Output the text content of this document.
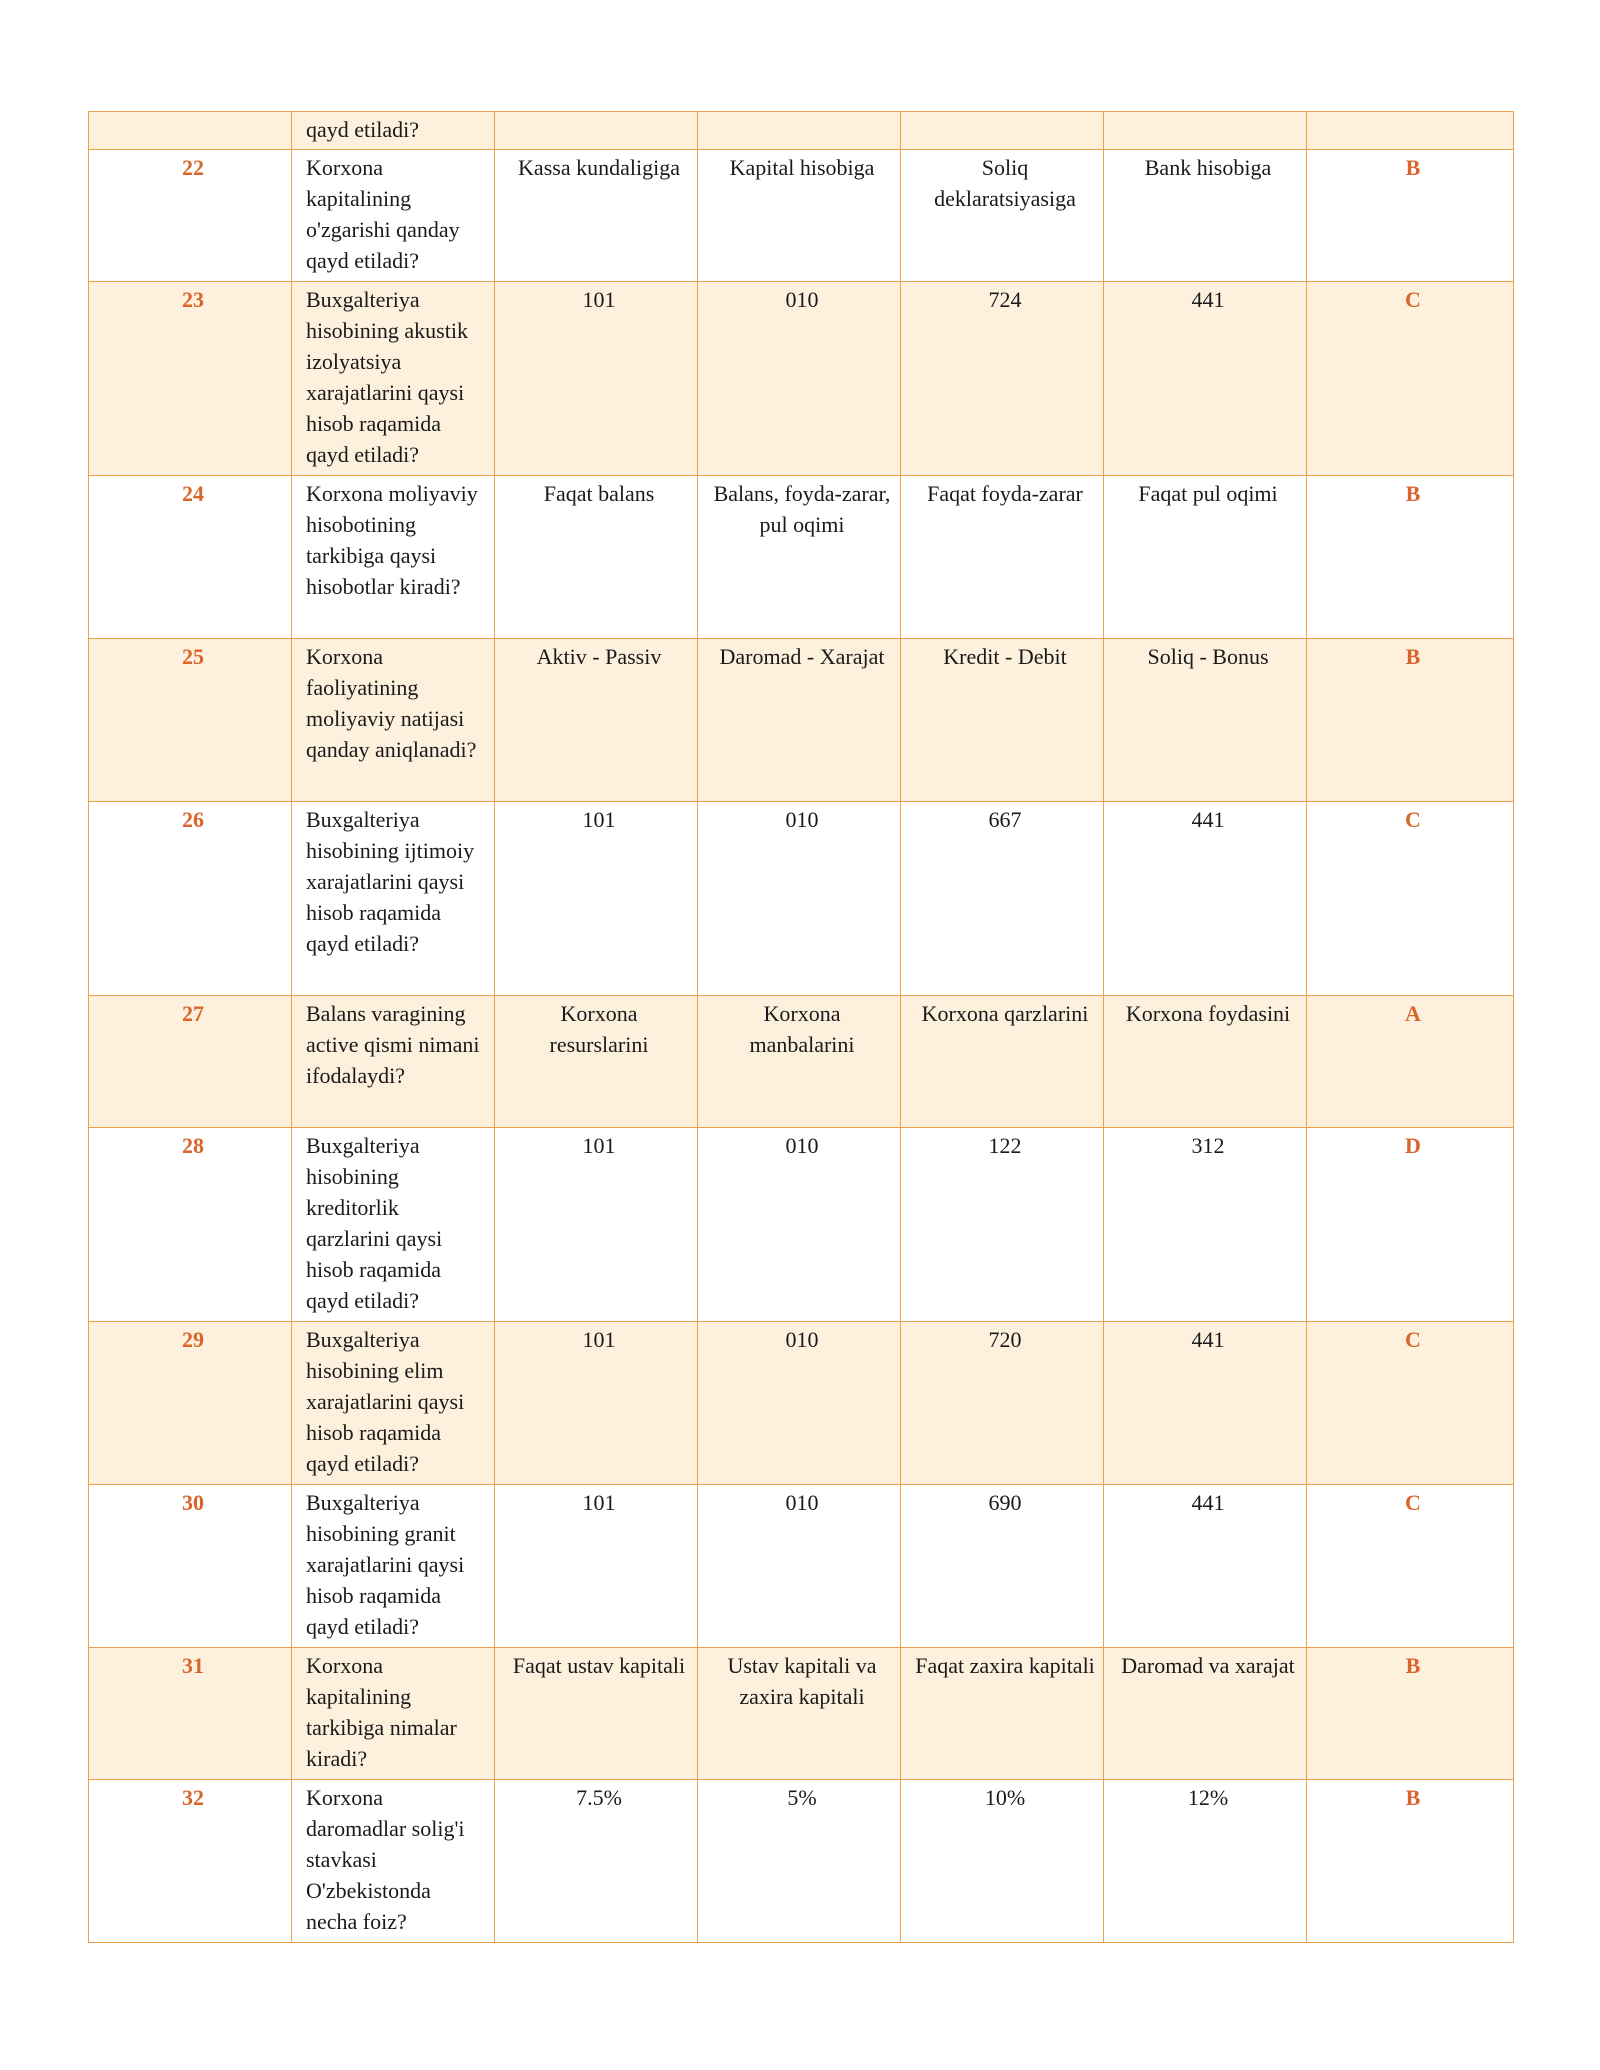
	qayd etiladi?					
22	Korxona kapitalining o'zgarishi qanday qayd etiladi?	Kassa kundaligiga	Kapital hisobiga	Soliq deklaratsiyasiga	Bank hisobiga	B
23	Buxgalteriya hisobining akustik izolyatsiya xarajatlarini qaysi hisob raqamida qayd etiladi?	101	010	724	441	C
24	Korxona moliyaviy hisobotining tarkibiga qaysi hisobotlar kiradi?	Faqat balans	Balans, foyda-zarar, pul oqimi	Faqat foyda-zarar	Faqat pul oqimi	B
25	Korxona faoliyatining moliyaviy natijasi qanday aniqlanadi?	Aktiv - Passiv	Daromad - Xarajat	Kredit - Debit	Soliq - Bonus	B
26	Buxgalteriya hisobining ijtimoiy xarajatlarini qaysi hisob raqamida qayd etiladi?	101	010	667	441	C
27	Balans varagining active qismi nimani ifodalaydi?	Korxona resurslarini	Korxona manbalarini	Korxona qarzlarini	Korxona foydasini	A
28	Buxgalteriya hisobining kreditorlik qarzlarini qaysi hisob raqamida qayd etiladi?	101	010	122	312	D
29	Buxgalteriya hisobining elim xarajatlarini qaysi hisob raqamida qayd etiladi?	101	010	720	441	C
30	Buxgalteriya hisobining granit xarajatlarini qaysi hisob raqamida qayd etiladi?	101	010	690	441	C
31	Korxona kapitalining tarkibiga nimalar kiradi?	Faqat ustav kapitali	Ustav kapitali va zaxira kapitali	Faqat zaxira kapitali	Daromad va xarajat	B
32	Korxona daromadlar solig'i stavkasi O'zbekistonda necha foiz?	7.5%	5%	10%	12%	B
